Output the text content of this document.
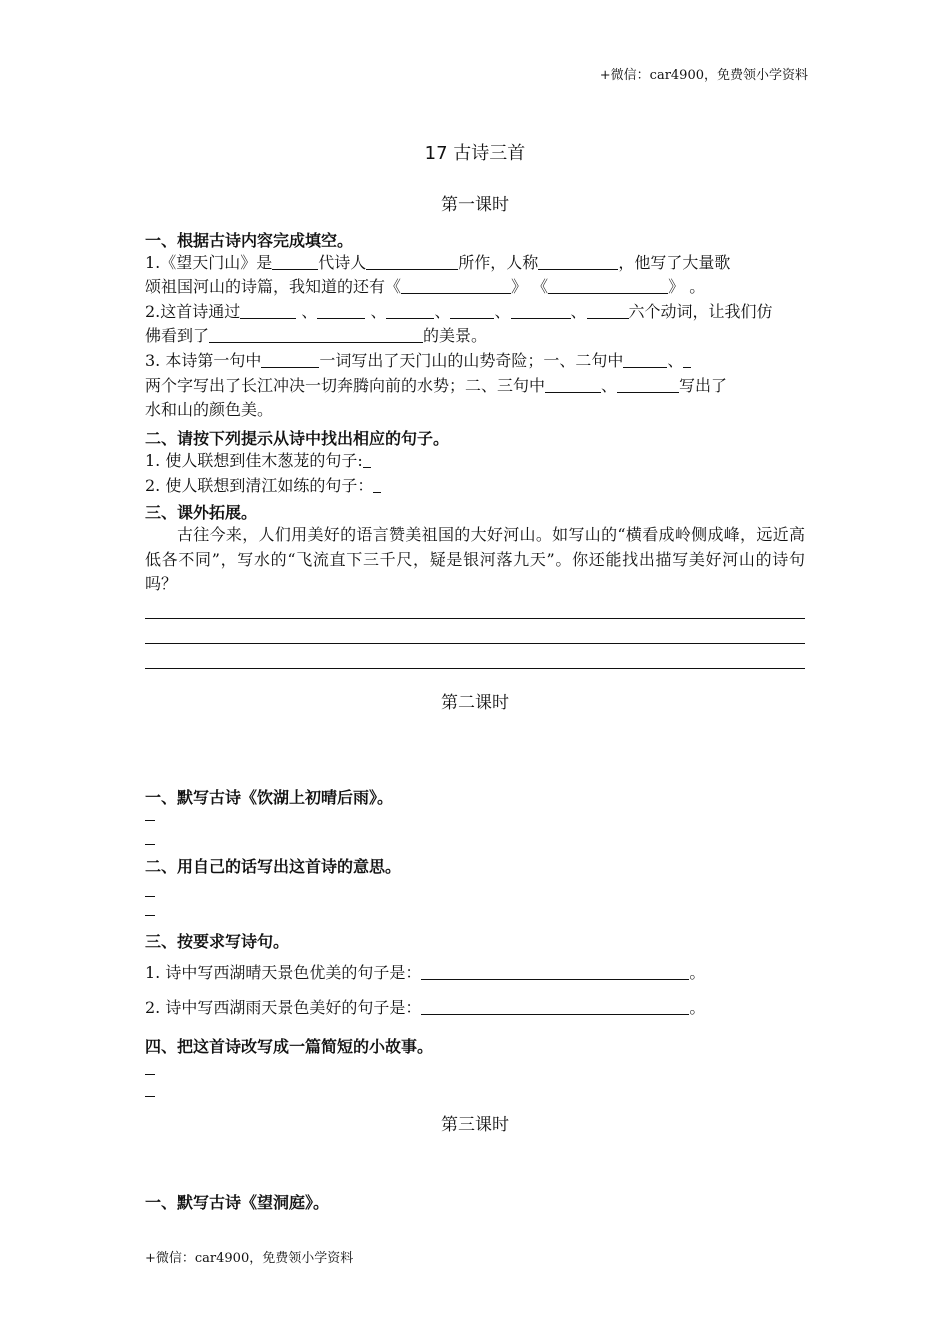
+微信：car4900，免费领小学资料
17 古诗三首
第一课时
一、根据古诗内容完成填空。
1.《望天门山》是	代诗人	所作，人称	，他写了大量歌
颂祖国河山的诗篇，我知道的还有《	》 《	》 。
2.这首诗通过	、	、	、	、	、	六个动词，让我们仿
佛看到了	的美景。
3. 本诗第一句中	一词写出了天门山的山势奇险；一、二句中	、
两个字写出了长江冲决一切奔腾向前的水势；二、三句中	、	写出了
水和山的颜色美。
二、请按下列提示从诗中找出相应的句子。
1. 使人联想到佳木葱茏的句子:
2. 使人联想到清江如练的句子：
三、课外拓展。
古往今来，人们用美好的语言赞美祖国的大好河山。如写山的“横看成岭侧成峰，远近高低各不同”，写水的“飞流直下三千尺，疑是银河落九天”。你还能找出描写美好河山的诗句吗？
第二课时
一、默写古诗《饮湖上初晴后雨》。
二、用自己的话写出这首诗的意思。
三、按要求写诗句。
1. 诗中写西湖晴天景色优美的句子是：	。
2. 诗中写西湖雨天景色美好的句子是：	。
四、把这首诗改写成一篇简短的小故事。
第三课时
一、默写古诗《望洞庭》。
+微信：car4900，免费领小学资料
